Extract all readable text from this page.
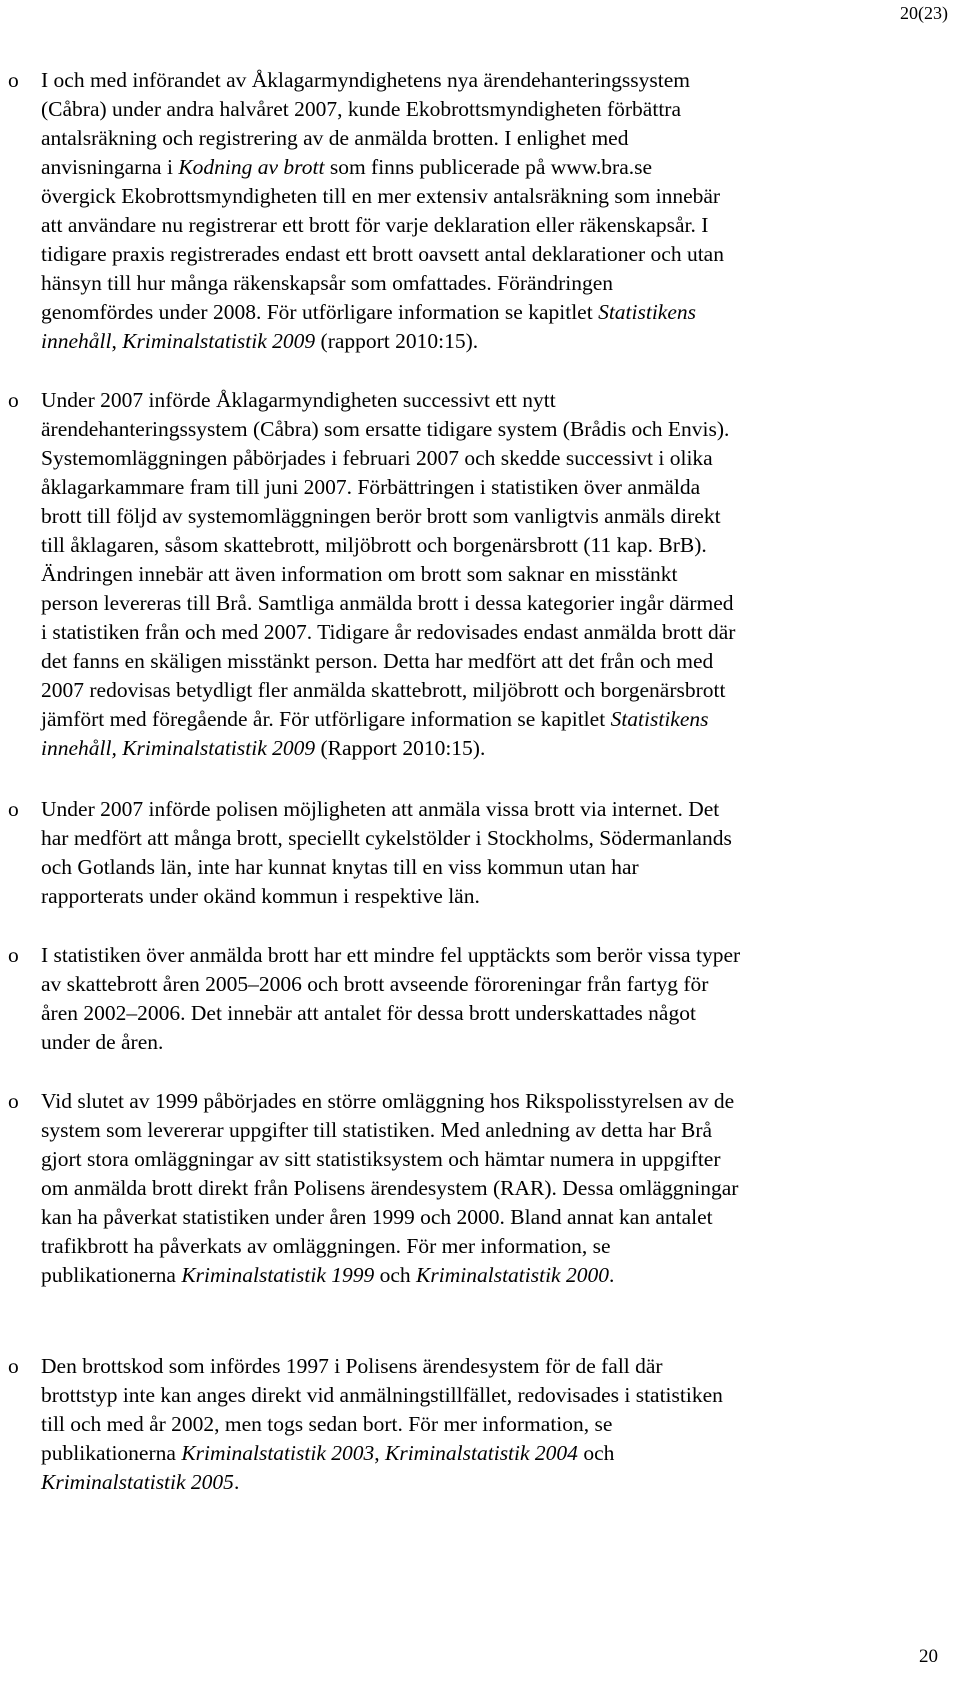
20(23)
o	I och med införandet av Åklagarmyndighetens nya ärendehanteringssystem
(Cåbra) under andra halvåret 2007, kunde Ekobrottsmyndigheten förbättra
antalsräkning och registrering av de anmälda brotten. I enlighet med
anvisningarna i Kodning av brott som finns publicerade på www.bra.se
övergick Ekobrottsmyndigheten till en mer extensiv antalsräkning som innebär
att användare nu registrerar ett brott för varje deklaration eller räkenskapsår. I
tidigare praxis registrerades endast ett brott oavsett antal deklarationer och utan
hänsyn till hur många räkenskapsår som omfattades. Förändringen
genomfördes under 2008. För utförligare information se kapitlet Statistikens
innehåll, Kriminalstatistik 2009 (rapport 2010:15).
o	Under 2007 införde Åklagarmyndigheten successivt ett nytt
ärendehanteringssystem (Cåbra) som ersatte tidigare system (Brådis och Envis).
Systemomläggningen påbörjades i februari 2007 och skedde successivt i olika
åklagarkammare fram till juni 2007. Förbättringen i statistiken över anmälda
brott till följd av systemomläggningen berör brott som vanligtvis anmäls direkt
till åklagaren, såsom skattebrott, miljöbrott och borgenärsbrott (11 kap. BrB).
Ändringen innebär att även information om brott som saknar en misstänkt
person levereras till Brå. Samtliga anmälda brott i dessa kategorier ingår därmed
i statistiken från och med 2007. Tidigare år redovisades endast anmälda brott där
det fanns en skäligen misstänkt person. Detta har medfört att det från och med
2007 redovisas betydligt fler anmälda skattebrott, miljöbrott och borgenärsbrott
jämfört med föregående år. För utförligare information se kapitlet Statistikens
innehåll, Kriminalstatistik 2009 (Rapport 2010:15).
o	Under 2007 införde polisen möjligheten att anmäla vissa brott via internet. Det
har medfört att många brott, speciellt cykelstölder i Stockholms, Södermanlands
och Gotlands län, inte har kunnat knytas till en viss kommun utan har
rapporterats under okänd kommun i respektive län.
o	I statistiken över anmälda brott har ett mindre fel upptäckts som berör vissa typer
av skattebrott åren 2005–2006 och brott avseende föroreningar från fartyg för
åren 2002–2006. Det innebär att antalet för dessa brott underskattades något
under de åren.
o	Vid slutet av 1999 påbörjades en större omläggning hos Rikspolisstyrelsen av de
system som levererar uppgifter till statistiken. Med anledning av detta har Brå
gjort stora omläggningar av sitt statistiksystem och hämtar numera in uppgifter
om anmälda brott direkt från Polisens ärendesystem (RAR). Dessa omläggningar
kan ha påverkat statistiken under åren 1999 och 2000. Bland annat kan antalet
trafikbrott ha påverkats av omläggningen. För mer information, se
publikationerna Kriminalstatistik 1999 och Kriminalstatistik 2000.
o	Den brottskod som infördes 1997 i Polisens ärendesystem för de fall där
brottstyp inte kan anges direkt vid anmälningstillfället, redovisades i statistiken
till och med år 2002, men togs sedan bort. För mer information, se
publikationerna Kriminalstatistik 2003, Kriminalstatistik 2004 och
Kriminalstatistik 2005.
20
